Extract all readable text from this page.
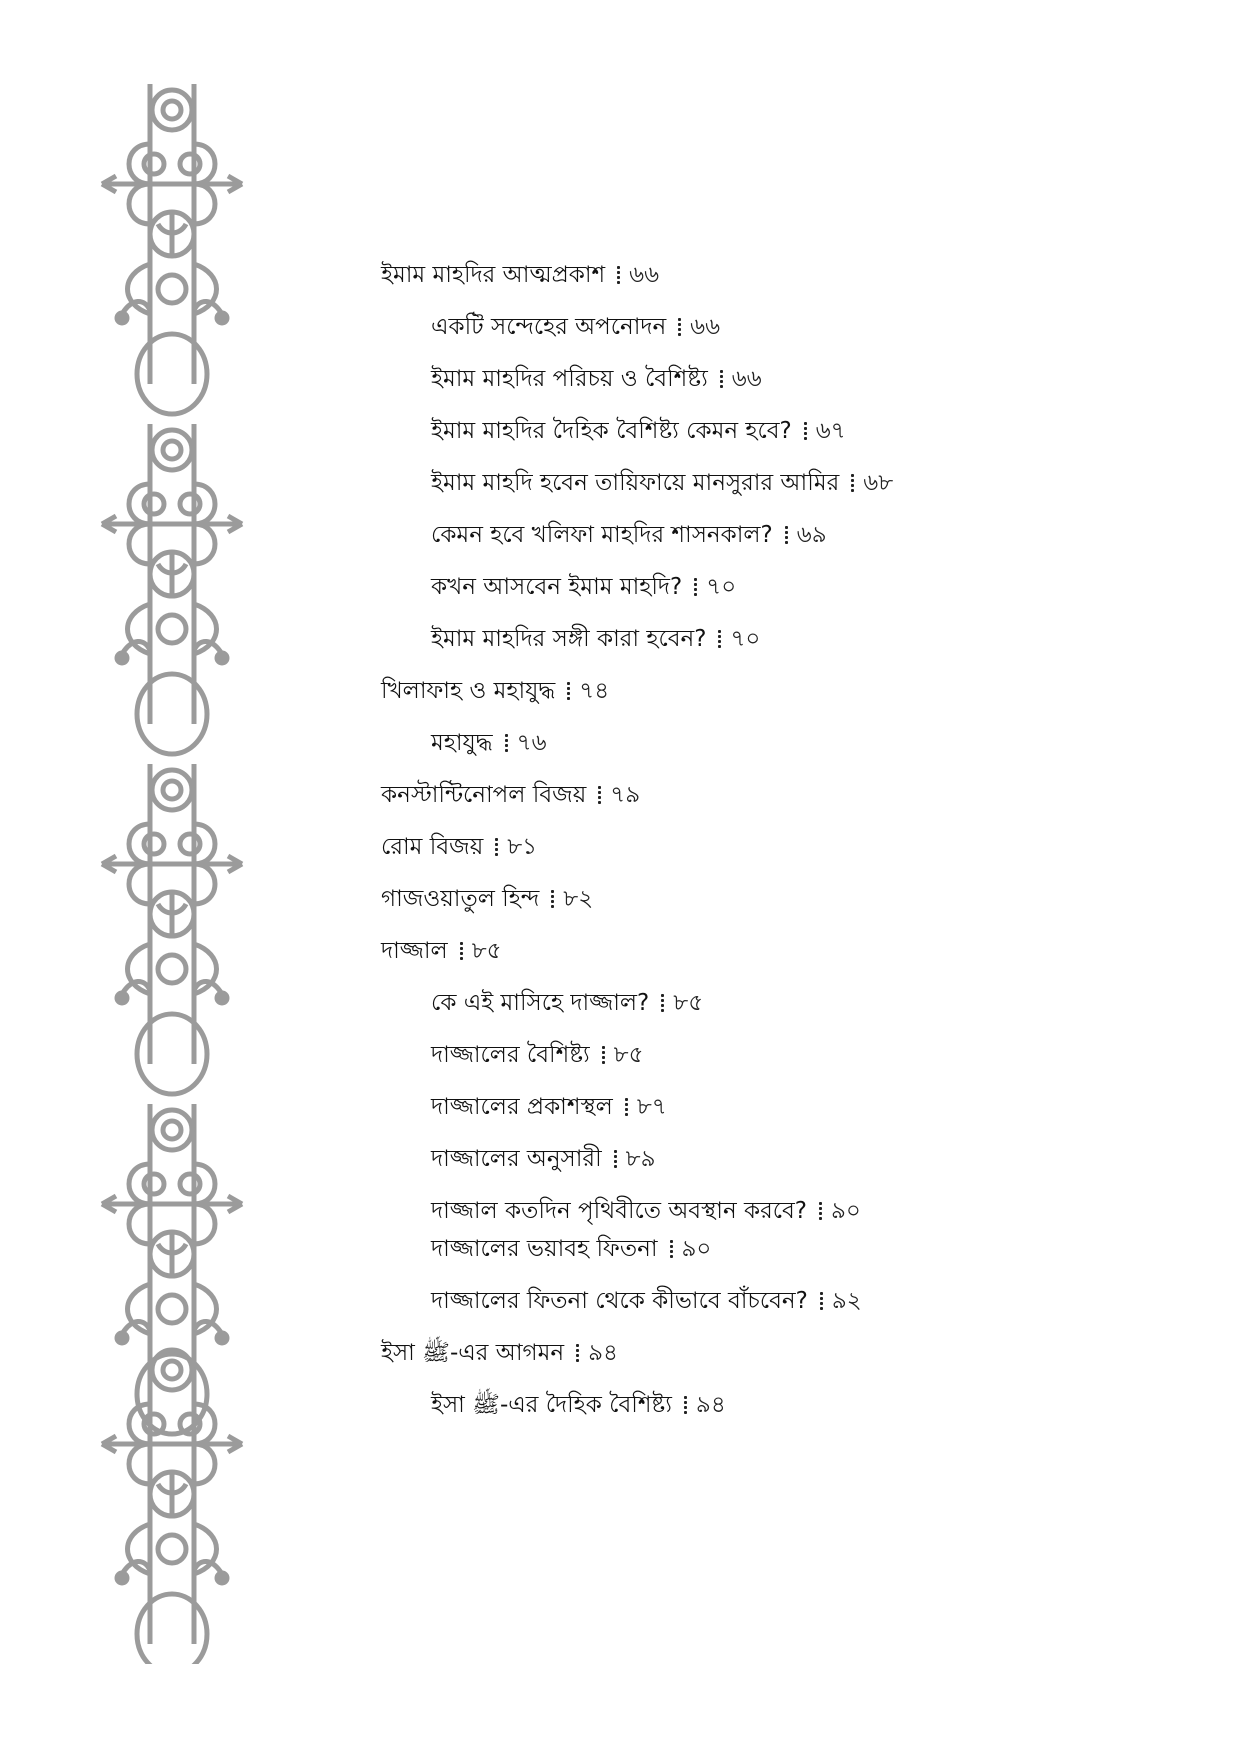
ইমাম মাহদির আত্মপ্রকাশ ৬৬
একটি সন্দেহের অপনোদন ৬৬
ইমাম মাহদির পরিচয় ও বৈশিষ্ট্য ৬৬
ইমাম মাহদির দৈহিক বৈশিষ্ট্য কেমন হবে? ৬৭
ইমাম মাহদি হবেন তায়িফায়ে মানসুরার আমির ৬৮
কেমন হবে খলিফা মাহদির শাসনকাল? ৬৯
কখন আসবেন ইমাম মাহদি? ৭০
ইমাম মাহদির সঙ্গী কারা হবেন? ৭০
খিলাফাহ ও মহাযুদ্ধ ৭৪
মহাযুদ্ধ ৭৬
কনস্টান্টিনোপল বিজয় ৭৯
রোম বিজয় ৮১
গাজওয়াতুল হিন্দ ৮২
দাজ্জাল ৮৫
কে এই মাসিহে দাজ্জাল? ৮৫
দাজ্জালের বৈশিষ্ট্য ৮৫
দাজ্জালের প্রকাশস্থল ৮৭
দাজ্জালের অনুসারী ৮৯
দাজ্জাল কতদিন পৃথিবীতে অবস্থান করবে? ৯০
দাজ্জালের ভয়াবহ ফিতনা ৯০
দাজ্জালের ফিতনা থেকে কীভাবে বাঁচবেন? ৯২
ইসা ﷺ-এর আগমন ৯৪
ইসা ﷺ-এর দৈহিক বৈশিষ্ট্য ৯৪
